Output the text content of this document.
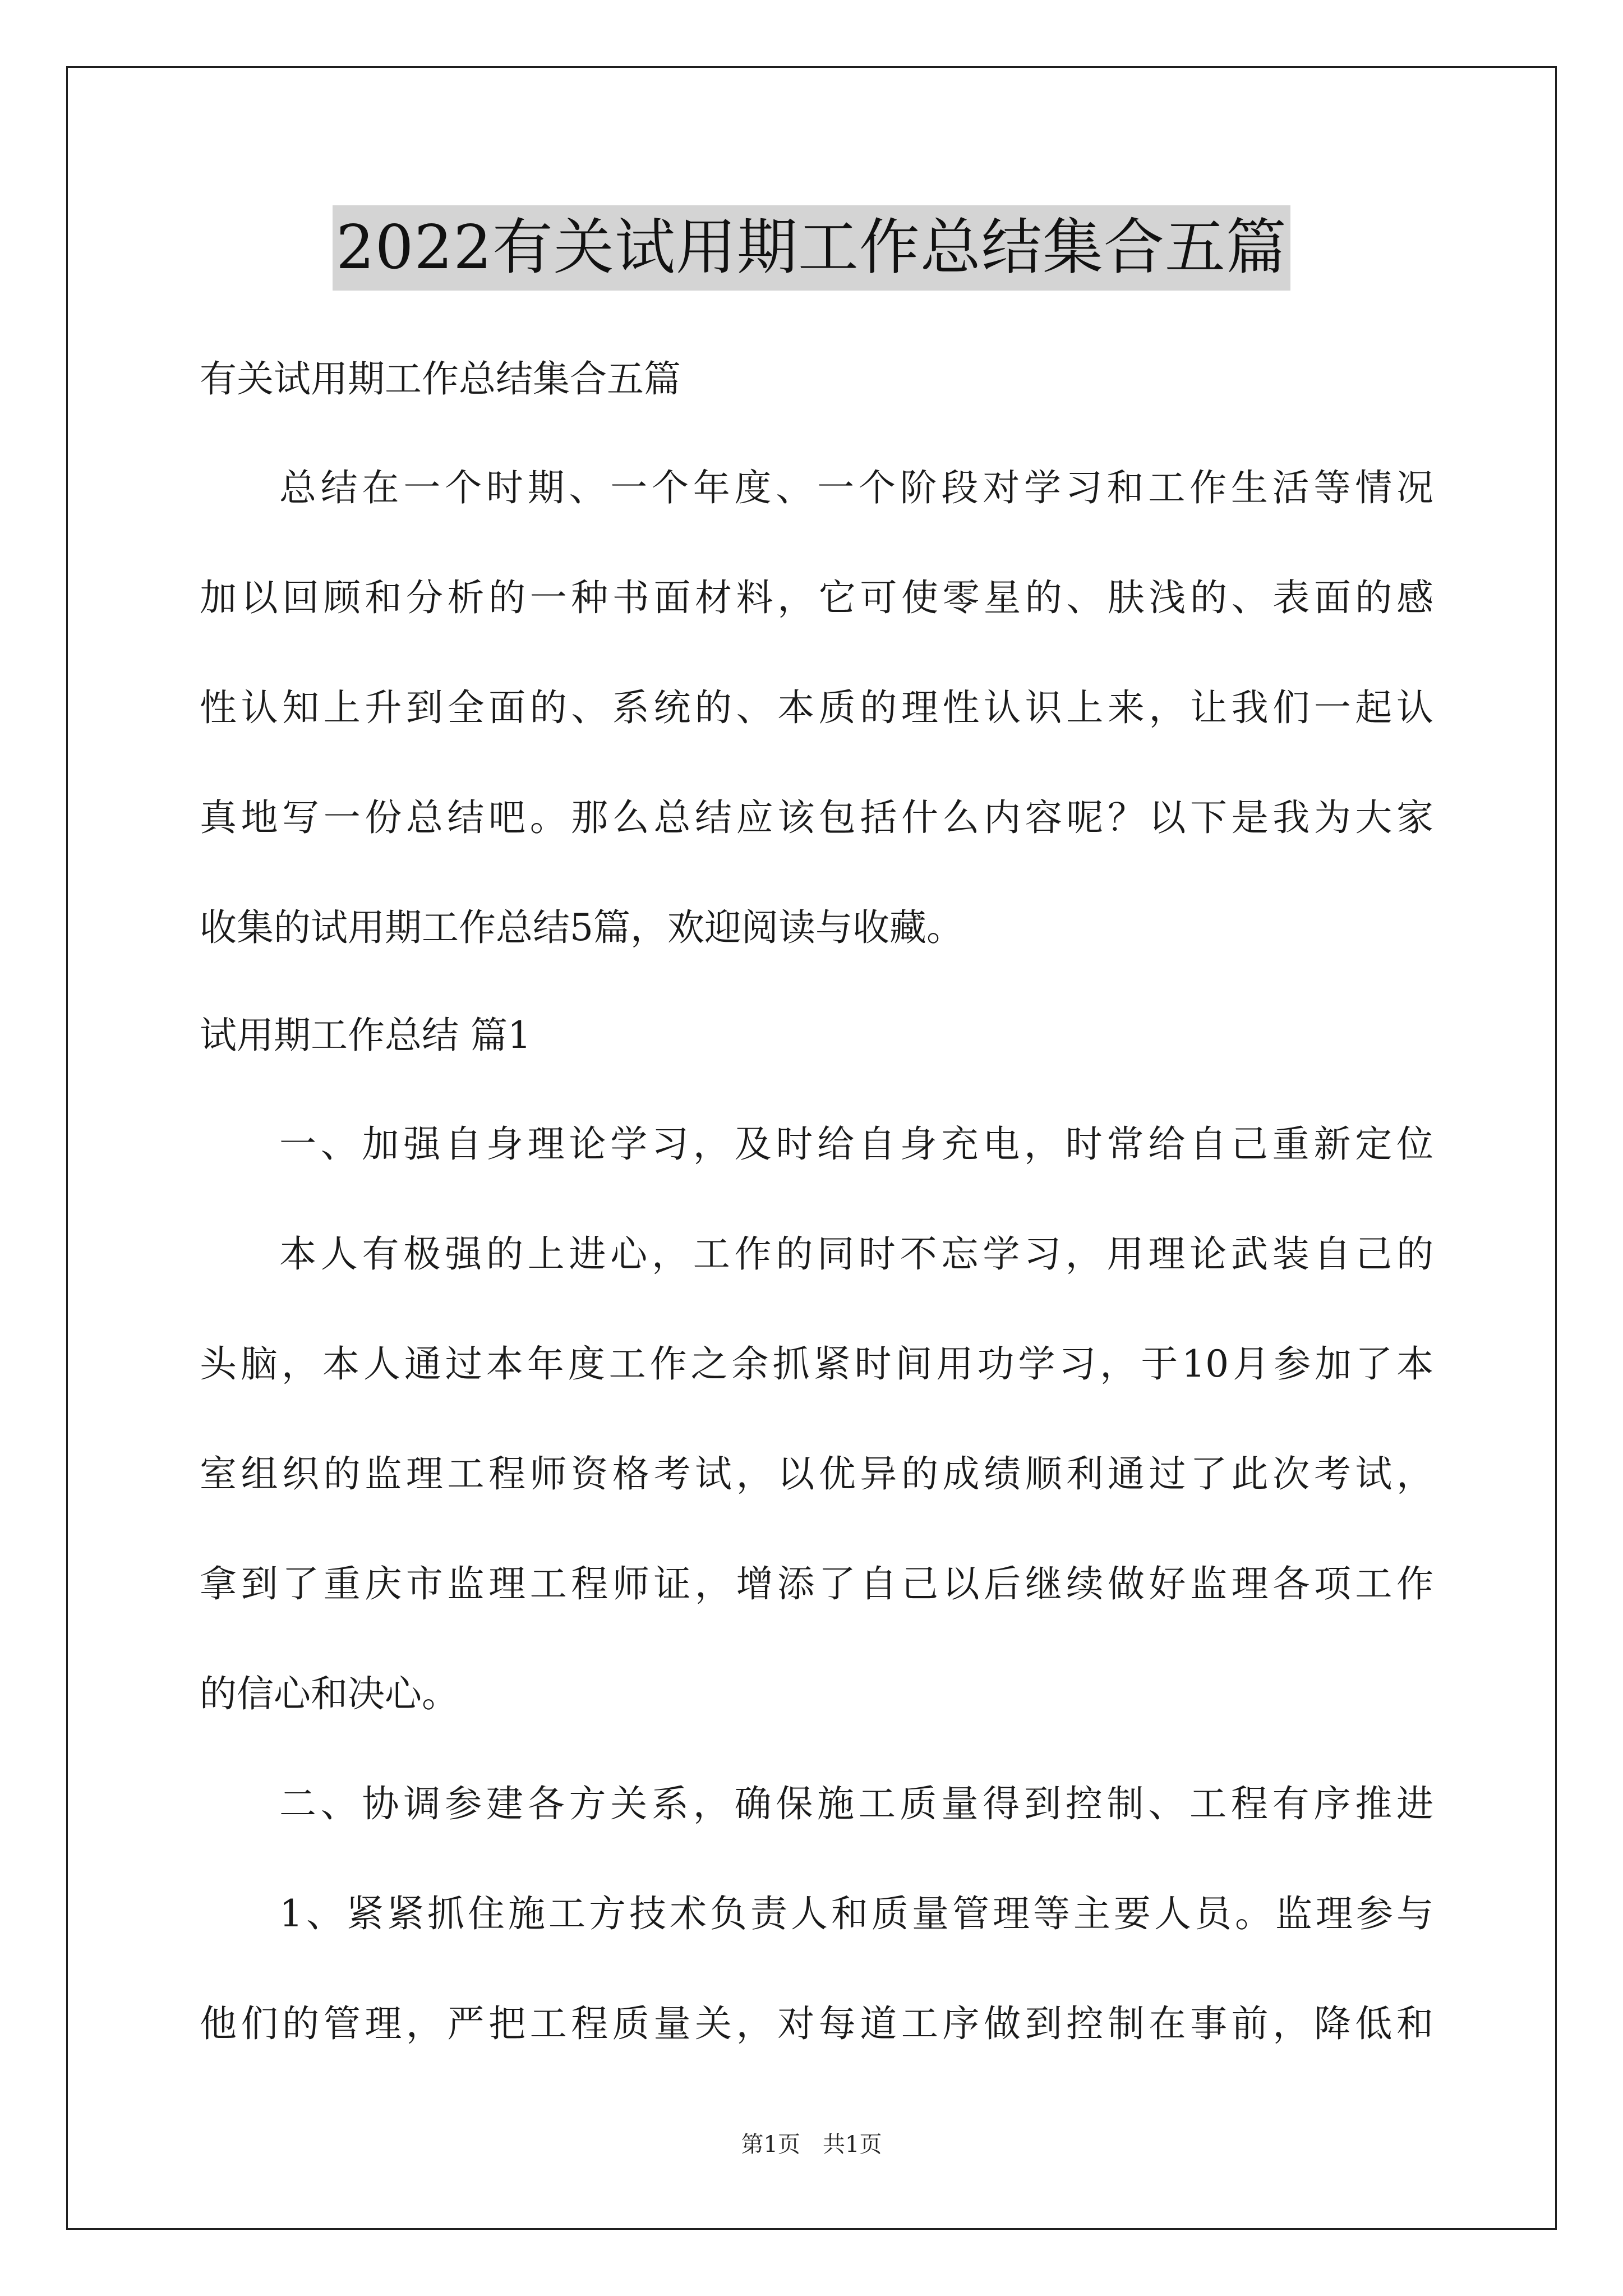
2022有关试用期工作总结集合五篇
有关试用期工作总结集合五篇
总结在一个时期、一个年度、一个阶段对学习和工作生活等情况
加以回顾和分析的一种书面材料，它可使零星的、肤浅的、表面的感
性认知上升到全面的、系统的、本质的理性认识上来，让我们一起认
真地写一份总结吧。那么总结应该包括什么内容呢？以下是我为大家
收集的试用期工作总结5篇，欢迎阅读与收藏。
试用期工作总结 篇1
一、加强自身理论学习，及时给自身充电，时常给自己重新定位
本人有极强的上进心，工作的同时不忘学习，用理论武装自己的
头脑，本人通过本年度工作之余抓紧时间用功学习，于10月参加了本
室组织的监理工程师资格考试，以优异的成绩顺利通过了此次考试，
拿到了重庆市监理工程师证，增添了自己以后继续做好监理各项工作
的信心和决心。
二、协调参建各方关系，确保施工质量得到控制、工程有序推进
1、紧紧抓住施工方技术负责人和质量管理等主要人员。监理参与
他们的管理，严把工程质量关，对每道工序做到控制在事前，降低和
第1页　共1页
